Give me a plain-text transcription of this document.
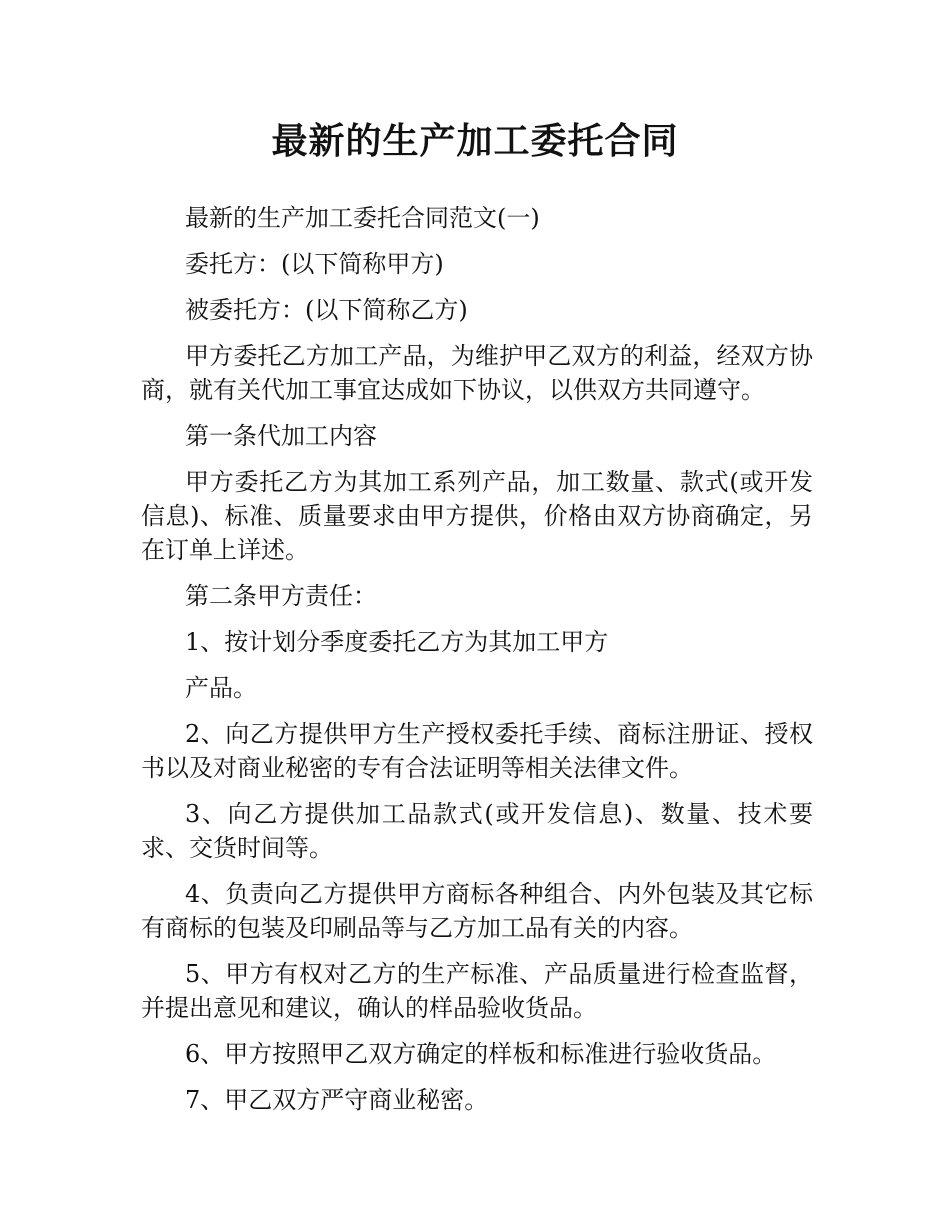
最新的生产加工委托合同

最新的生产加工委托合同范文(一)

委托方：(以下简称甲方)

被委托方：(以下简称乙方)

甲方委托乙方加工产品，为维护甲乙双方的利益，经双方协商，就有关代加工事宜达成如下协议，以供双方共同遵守。

第一条代加工内容

甲方委托乙方为其加工系列产品，加工数量、款式(或开发信息)、标准、质量要求由甲方提供，价格由双方协商确定，另在订单上详述。

第二条甲方责任：

1、按计划分季度委托乙方为其加工甲方

产品。

2、向乙方提供甲方生产授权委托手续、商标注册证、授权书以及对商业秘密的专有合法证明等相关法律文件。

3、向乙方提供加工品款式(或开发信息)、数量、技术要求、交货时间等。

4、负责向乙方提供甲方商标各种组合、内外包装及其它标有商标的包装及印刷品等与乙方加工品有关的内容。

5、甲方有权对乙方的生产标准、产品质量进行检查监督，并提出意见和建议，确认的样品验收货品。

6、甲方按照甲乙双方确定的样板和标准进行验收货品。

7、甲乙双方严守商业秘密。
